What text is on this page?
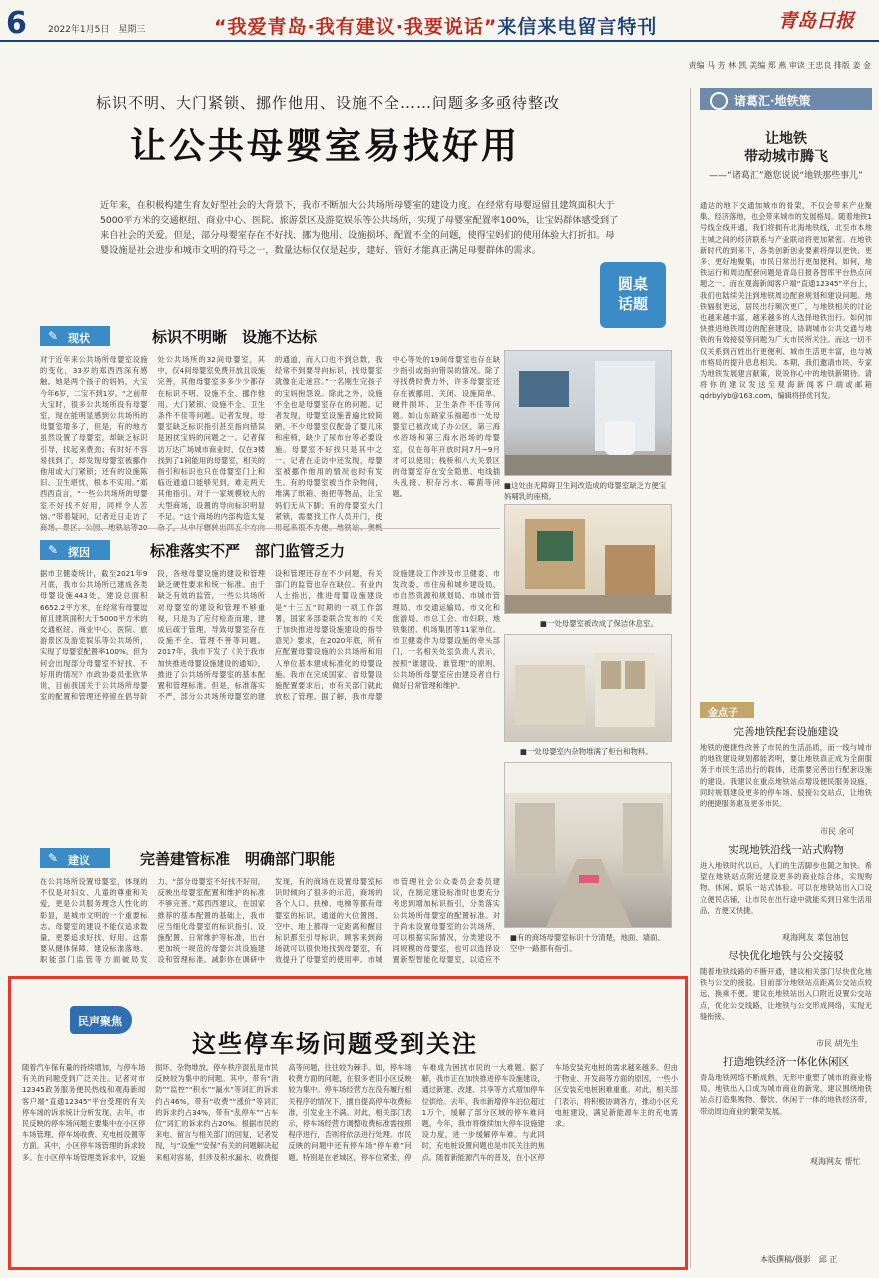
6 2022年1月5日　星期三	“我爱青岛·我有建议·我要说话”来信来电留言特刊	青岛日报
责编 马 芳 林 凯 美编 郑 燕 审读 王忠良 排版 姜 金
标识不明、大门紧锁、挪作他用、设施不全……问题多多亟待整改
让公共母婴室易找好用

近年来，在积极构建生育友好型社会的大背景下，我市不断加大公共场所母婴室的建设力度。在经常有母婴逗留且建筑面积大于5000平方米的交通枢纽、商业中心、医院、旅游景区及游览娱乐等公共场所，实现了母婴室配置率100%，让宝妈群体感受到了来自社会的关爱。但是，部分母婴室存在不好找、挪为他用、设施损坏、配置不全的问题，使得宝妈们的使用体验大打折扣。母婴设施是社会进步和城市文明的符号之一，数量达标仅仅是起步，建好、管好才能真正满足母婴群体的需求。

圆桌
话题
✎ 现状	标识不明晰　设施不达标

对于近年来公共场所母婴室设施的变化，33岁的郑西西深有感触。她是两个孩子的妈妈，大宝今年6岁，二宝不到1岁。“之前带大宝时，很多公共场所没有母婴室，现在能明显感到公共场所的母婴室增多了，但是，有的地方虽然设置了母婴室，却缺乏标识引导，找起来费劲；有时好不容易找到了，却发现母婴室被挪作他用或大门紧锁；还有的设施陈旧、卫生堪忧，根本不实用。”郑西西直言，“一些公共场所的母婴室不好找不好用，同样令人苦恼。”带着疑问，记者近日走访了 处公共场所的32间母婴室，其中，仅4间母婴室免费开放且设施完善，其他母婴室多多少少都存在标识不明、设施不全、挪作他用、大门紧锁、设施不全、卫生条件不佳等问题。记者发现，母婴室缺乏标识指引甚至指向错误是困扰宝妈的问题之一。记者探访万达广场城市商业时，仅在3楼找到了1间能用的母婴室，相关的指引和标识也只在母婴室门上和临近通道口能够见到，难走两天其他指引。对于一家规模较大的大型商场，设置的导向标识明显不足。“这个商场的内部构造太复 的通道，而入口也不到总数，我经常不到要导向标识，找母婴室就像在走迷宫。”一名刚生完孩子的宝妈抱怨说。除此之外，设施不全也是母婴室存在的问题。记者发现，母婴室设施普遍比较简陋，不少母婴室仅配备了婴儿床和座椅，缺少了尿布台等必要设施。母婴室不好找只是其中之一。记者在走访中还发现，母婴室被挪作他用的情况也时有发生。有的母婴室被当作杂物间，堆满了纸箱、拖把等物品，让宝妈们无从下脚；有的母婴室大门紧锁，需要找工作人员开门，使 中心等处的19间母婴室也存在缺少指引或指向错误的情况。除了寻找费时费力外，许多母婴室还存在被挪用、关闭、设施简单、硬件损坏、卫生条件不佳等问题。如山东路家乐福超市一处母婴室已被改成了办公区，第三海水浴场和第三海水浴场的母婴室，仅在每年开放时间7月~9月才可以使用；栈桥和八大关景区的母婴室存在安全隐患、电线插头乱接、积存污水、霉菌等问题。

■这处由无障碍卫生间改造成的母婴室缺乏方便宝妈哺乳的座椅。

✎ 探因	标准落实不严　部门监管乏力

据市卫健委统计，截至2021年9月底，我市公共场所已建成各类母婴设施443处，建设总面积6652.2平方米，在经常有母婴逗留且建筑面积大于5000平方米的交通枢纽、商业中心、医院、旅游景区及游览娱乐等公共场所，实现了母婴室配置率100%。但为何会出现部分母婴室不好找、不好用的情况？市政协委员张欣华说，目前我国关于公共场所母婴室的配置和管理还停留在倡导阶段，各地母婴设施的建设和管理缺乏硬性要求和统一标准。由于缺乏有效的监管，一些公共场所对母婴室的建设和管理不够重视，只是为了应付检查而建，建成后疏于管理，导致母婴室存在设施不全、管理不善等问题。2017年，我市下发了《关于我市加快推进母婴设施建设的通知》，推进了公共场所母婴室的基本配置和管理标准。但是，标准落实不严，部分公共场所母婴室的建设和管理还存在不少问题，有关部门的监管也存在缺位。有业内人士指出，推进母婴设施建设是“十三五”时期的一项工作部署，国家多部委联合发布的《关于加快推进母婴设施建设的指导意见》要求，在2020年底，所有应配置母婴设施的公共场所和用人单位基本建成标准化的母婴设施。我市在完成国家、省母婴设施配置要求后，市有关部门就此放松了管理。据了解，我市母婴设施建设工作涉及市卫健委、市发改委、市住房和城乡建设局、市自然资源和规划局、市城市管理局、市交通运输局、市文化和旅游局、市总工会、市妇联、地铁集团、机场集团等11家单位。市卫健委作为母婴设施的牵头部门，一名相关处室负责人表示，按照“谁建设、谁管理”的原则，公共场所母婴室应由建设者自行做好日常管理和维护。

■一处母婴室被改成了保洁休息室。

■一处母婴室内杂物堆满了柜台和物料。

✎ 建议	完善建管标准　明确部门职能

在公共场所设置母婴室，体现的不仅是对妇女、儿童的尊重和关爱，更是公共服务理念人性化的彰显，是城市文明的一个重要标志。母婴室的建设不能仅追求数量，更要追求好找、好用。这需要从健体保障、建设标准落地、职能部门监管等方面破局发力。“部分母婴室不好找不好用，反映出母婴室配置和维护的标准不够完善。”郑西西建议，在国家推荐的基本配置的基础上，我市应当细化母婴室的标识指引、设施配置、日常维护等标准，出台更加统一规范的母婴公共设施建设和管理标准。减影你在调研中发现，有的商场在设置母婴室标识时倾向了很多的示范，商场的各个人口、扶梯、电梯等都有母婴室的标识，通道的大位置图、空中、地上都得一定距离和醒目标识都至引导标识，顾客来到商场就可以很快地找到母婴室，有效提升了母婴室的使用率。市城市管理社会公众委员会委员建议，在制定建设标准时也要充分考虑到增加标识指引，分类落实公共场所母婴室的配置标准。对于尚未设置母婴室的公共场所，可以根据实际情况，分类建设不同规模的母婴室，也可以选择设置新型智能化母婴室，以适应不

■有的商场母婴室标识十分清楚，地面、墙面、空中一路都有指引。

诸葛汇·地铁策
让地铁
带动城市腾飞
——“诸葛汇”邀您说说“地铁那些事儿”

通达的地下交通加城市的骨架，不仅会带来产业聚集、经济落地，也会带来城市的发展格局。随着地铁1号线全线开通，我们将拥有北海地铁线，北至市本地主城之间的经济联系与产业联动将更加紧密。在地铁新时代的到来下，各类创新创业要素将得以更快、更多、更好地聚集，市民日常出行更加便利。如何，地铁运行和周边配套问题是青岛日报各智库平台热点问题之一。而在观海新闻客户端“直通12345”平台上，我们也陆续关注到地铁周边配套规划和建设问题。地铁辐射更远，居民出行频次更广，与地铁相关的讨论也越来越丰富，越来越多的人选择地铁出行。如何加快推进地铁周边的配套建设，协调城市公共交通与地铁的有效接驳等问题为广大市民所关注。而这一切不仅关系到百姓出行更便利、城市生活更丰富，也与城市格局的提升息息相关。本期，我们邀请市民、专家为地铁发展建言献策，说说你心中的地铁新期待。请将你的建议发送至观海新闻客户端或邮箱 qdrbylyb@163.com，编辑将择优刊发。

金点子
完善地铁配套设施建设

地铁的便捷性改善了市民的生活品质，而一线与城市的地铁建设规划都能表明，要让地铁真正成为全面服务于市民生活出行的载体，还需要完善出行配套设施的建设。我建议在重点地铁站点增设便民服务设施，同时规划建设更多的停车场、驳接公交站点，让地铁的便捷服务惠及更多市民。

市民 余可
实现地铁沿线一站式购物

进入地铁时代以后，人们的生活脚步也随之加快。希望在地铁站点附近建设更多的商业综合体，实现购物、休闲、娱乐一站式体验。可以在地铁站出入口设立便民店铺，让市民在出行途中就能买到日常生活用品，方便又快捷。

观海网友 菜包油包
尽快优化地铁与公交接驳

随着地铁线路的不断开通，建议相关部门尽快优化地铁与公交的接驳。目前部分地铁站点距离公交站点较远，换乘不便。建议在地铁站出入口附近设置公交站点，优化公交线路，让地铁与公交形成网络，实现无缝衔接。

市民 胡先生
打造地铁经济一体化休闲区

青岛地铁网络不断成熟，无形中重塑了城市的商业格局。地铁出入口成为城市商业的新宠，建议围绕地铁站点打造集购物、餐饮、休闲于一体的地铁经济带，带动周边商业的繁荣发展。

观海网友 帮忙
民声聚焦
这些停车场问题受到关注

随着汽车保有量的持续增加，与停车场有关的问题受到广泛关注。记者对市12345政务服务便民热线和观海新闻客户端“直通12345”平台受理的有关停车场的诉求统计分析发现，去年，市民反映的停车场问题主要集中在小区停车场管理、停车场收费、充电桩设置等方面。其中，小区停车场管理的诉求较多。在小区停车场管理类诉求中，设施损坏、杂物堆放、停车秩序混乱是市民反映较为集中的问题。其中，带有“消防”“监控”“积水”“漏水”等词汇的诉求约占46%。带有“收费”“涨价”等词汇的诉求约占34%，带有“乱停车”“占车位”词汇的诉求约占20%。根据市民的来电、留言与相关部门的回复，记者发现，与“设施”“安保”有关的问题解决起来相对容易，但涉及积水漏水、收费提高等问题，往往较为棘手。如，停车场收费方面的问题，在很多老旧小区反映较为集中。停车场经营方在没有履行相关程序的情况下，擅自提高停车收费标准，引发业主不满。对此，相关部门表示，停车场经营方调整收费标准需按照程序进行，否则将依法进行处理。市民反映的问题中还有停车场“停车难”问题。特别是在老城区，停车位紧张，停车难成为困扰市民的一大难题。据了解，我市正在加快推进停车设施建设，通过新建、改建、共享等方式增加停车位供给。去年，我市新增停车泊位超过1万个，缓解了部分区域的停车难问题。今年，我市将继续加大停车设施建设力度，进一步缓解停车难。与此同时，充电桩设置问题也是市民关注的焦点。随着新能源汽车的普及，在小区停车场安装充电桩的需求越来越多。但由于物业、开发商等方面的原因，一些小区安装充电桩困难重重。对此，相关部门表示，将积极协调各方，推动小区充电桩建设，满足新能源车主的充电需求。

本版撰稿/摄影　邱 正
